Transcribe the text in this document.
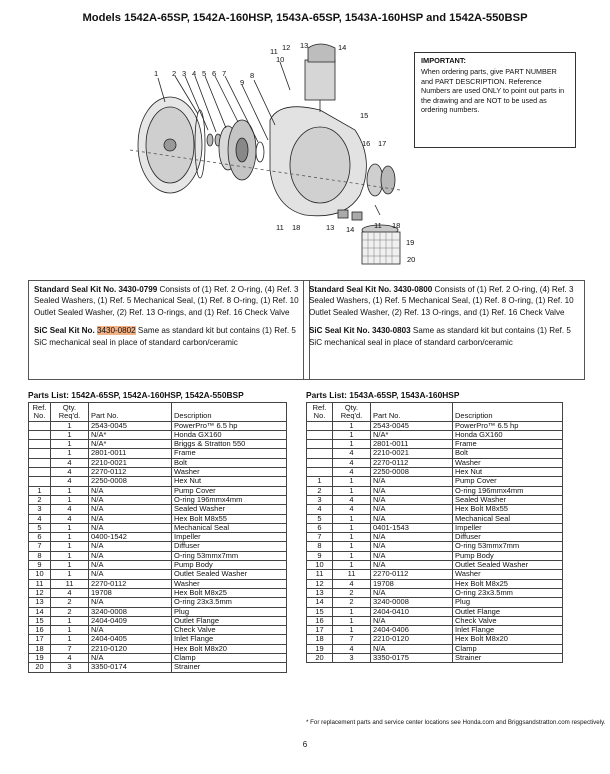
Models 1542A-65SP, 1542A-160HSP, 1543A-65SP, 1543A-160HSP and 1542A-550BSP
1 2 3 4 5 6 7	8
9
10
11 12 13	14
15
16 17
11 18	13 14	11 18
19
20
IMPORTANT:
When ordering parts, give PART NUMBER and PART DESCRIPTION. Reference Numbers are used ONLY to point out parts in the drawing and are NOT to be used as ordering numbers.

Standard Seal Kit No. 3430-0799 Consists of (1) Ref. 2 O-ring, (4) Ref. 3 Sealed Washers, (1) Ref. 5 Mechanical Seal, (1) Ref. 8 O-ring, (1) Ref. 10 Outlet Sealed Washer, (2) Ref. 13 O-rings, and (1) Ref. 16 Check Valve

SiC Seal Kit No. 3430-0802 Same as standard kit but contains (1) Ref. 5 SiC mechanical seal in place of standard carbon/ceramic

Standard Seal Kit No. 3430-0800 Consists of (1) Ref. 2 O-ring, (4) Ref. 3 Sealed Washers, (1) Ref. 5 Mechanical Seal, (1) Ref. 8 O-ring, (1) Ref. 10 Outlet Sealed Washer, (2) Ref. 13 O-rings, and (1) Ref. 16 Check Valve

SiC Seal Kit No. 3430-0803 Same as standard kit but contains (1) Ref. 5 SiC mechanical seal in place of standard carbon/ceramic

Parts List: 1542A-65SP, 1542A-160HSP, 1542A-550BSP	Parts List: 1543A-65SP, 1543A-160HSP
Ref.
No.	Qty.
Req'd.	Part No.	Description
	1	2543-0045	PowerPro™ 6.5 hp
	1	N/A*	Honda GX160
	1	N/A*	Briggs & Stratton 550
	1	2801-0011	Frame
	4	2210-0021	Bolt
	4	2270-0112	Washer
	4	2250-0008	Hex Nut
1	1	N/A	Pump Cover
2	1	N/A	O-ring 196mmx4mm
3	4	N/A	Sealed Washer
4	4	N/A	Hex Bolt M8x55
5	1	N/A	Mechanical Seal
6	1	0400-1542	Impeller
7	1	N/A	Diffuser
8	1	N/A	O-ring 53mmx7mm
9	1	N/A	Pump Body
10	1	N/A	Outlet Sealed Washer
11	11	2270-0112	Washer
12	4	19708	Hex Bolt M8x25
13	2	N/A	O-ring 23x3.5mm
14	2	3240-0008	Plug
15	1	2404-0409	Outlet Flange
16	1	N/A	Check Valve
17	1	2404-0405	Inlet Flange
18	7	2210-0120	Hex Bolt M8x20
19	4	N/A	Clamp
20	3	3350-0174	Strainer
Ref.
No.	Qty.
Req'd.	Part No.	Description
	1	2543-0045	PowerPro™ 6.5 hp
	1	N/A*	Honda GX160
	1	2801-0011	Frame
	4	2210-0021	Bolt
	4	2270-0112	Washer
	4	2250-0008	Hex Nut
1	1	N/A	Pump Cover
2	1	N/A	O-ring 196mmx4mm
3	4	N/A	Sealed Washer
4	4	N/A	Hex Bolt M8x55
5	1	N/A	Mechanical Seal
6	1	0401-1543	Impeller
7	1	N/A	Diffuser
8	1	N/A	O-ring 53mmx7mm
9	1	N/A	Pump Body
10	1	N/A	Outlet Sealed Washer
11	11	2270-0112	Washer
12	4	19708	Hex Bolt M8x25
13	2	N/A	O-ring 23x3.5mm
14	2	3240-0008	Plug
15	1	2404-0410	Outlet Flange
16	1	N/A	Check Valve
17	1	2404-0406	Inlet Flange
18	7	2210-0120	Hex Bolt M8x20
19	4	N/A	Clamp
20	3	3350-0175	Strainer
* For replacement parts and service center locations see Honda.com and Briggsandstratton.com respectively.
6
